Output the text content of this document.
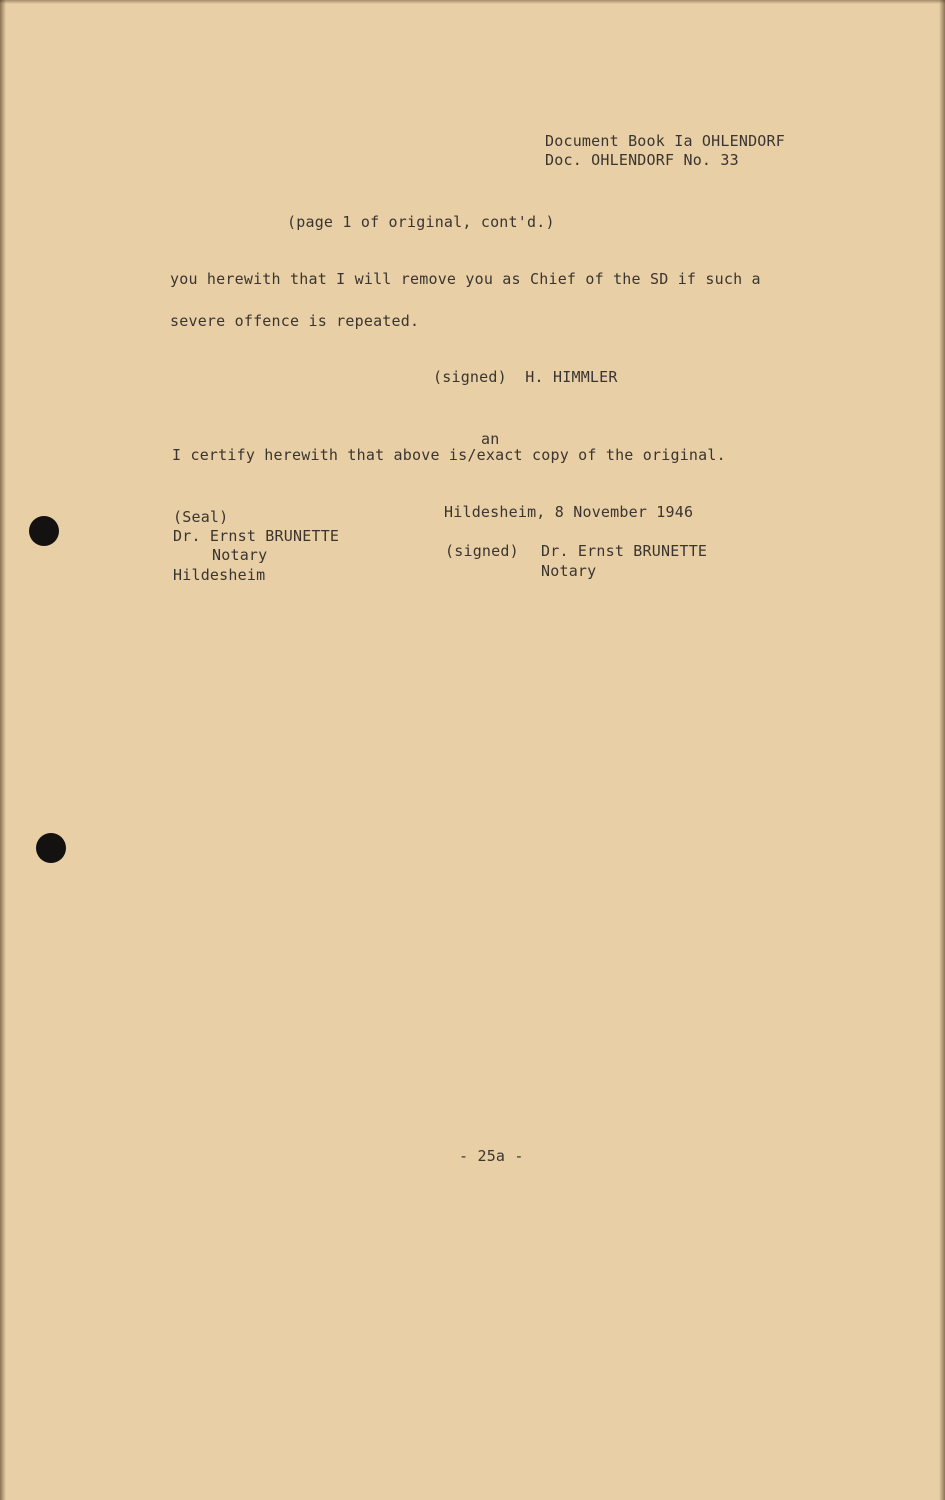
Document Book Ia OHLENDORF
Doc. OHLENDORF No. 33
(page 1 of original, cont'd.)
you herewith that I will remove you as Chief of the SD if such a
severe offence is repeated.
(signed)  H. HIMMLER
an
I certify herewith that above is/exact copy of the original.
(Seal)
Dr. Ernst BRUNETTE
Notary
Hildesheim
Hildesheim, 8 November 1946
(signed) Dr. Ernst BRUNETTE
Notary
- 25a -
